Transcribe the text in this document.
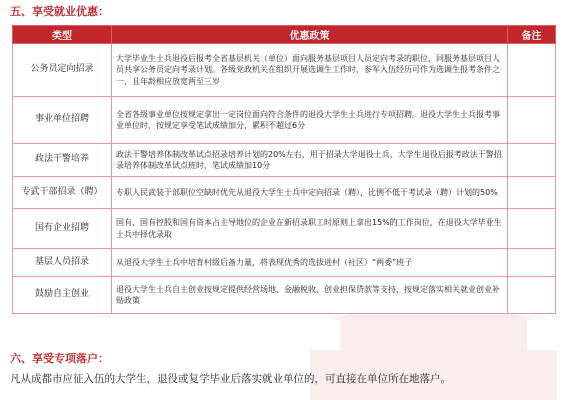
五、享受就业优惠：
类型	优惠政策	备注
公务员定向招录	大学毕业生士兵退役后报考全省基层机关（单位）面向服务基层项目人员定向考录的职位，同服务基层项目人员共享公务员定向考录计划。各级党政机关在组织开展选调生工作时，参军入伍经历可作为选调生报考条件之一，且年龄相应放宽两至三岁	
事业单位招聘	全省各级事业单位按规定拿出一定岗位面向符合条件的退役大学生士兵进行专项招聘。退役大学生士兵报考事业单位时，按规定享受笔试成绩加分，累积不超过6分	
政法干警培养	政法干警培养体制改革试点招录培养计划的20%左右，用于招录大学退役士兵，大学生退役后报考政法干警招录培养体制改革试点班时，笔试成绩加10分	
专武干部招录（聘）	专职人民武装干部职位空缺时优先从退役大学生士兵中定向招录（聘），比例不低于考试录（聘）计划的50%	
国有企业招聘	国有、国有控股和国有资本占主导地位的企业在新招录职工时原则上拿出15%的工作岗位，在退役大学毕业生士兵中择优录取	
基层人员招录	从退役大学生士兵中培育村级后备力量，将表现优秀的选拔进村（社区）“两委”班子	
鼓励自主创业	退役大学生士兵自主创业按规定提供经营场地、金融税收、创业担保贷款等支持，按规定落实相关就业创业补贴政策	
六、享受专项落户：
凡从成都市应征入伍的大学生，退役或复学毕业后落实就业单位的，可直接在单位所在地落户。
